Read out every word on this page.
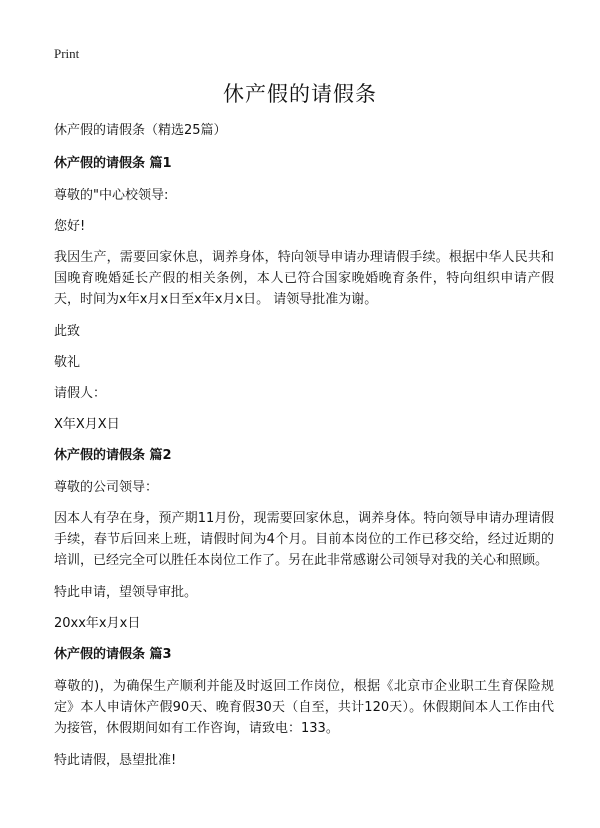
Print
休产假的请假条

休产假的请假条（精选25篇）

休产假的请假条 篇1

尊敬的"中心校领导:

您好!

我因生产，需要回家休息，调养身体，特向领导申请办理请假手续。根据中华人民共和国晚育晚婚延长产假的相关条例，本人已符合国家晚婚晚育条件，特向组织申请产假天，时间为x年x月x日至x年x月x日。 请领导批准为谢。

此致

敬礼

请假人：

X年X月X日

休产假的请假条 篇2

尊敬的公司领导：

因本人有孕在身，预产期11月份，现需要回家休息，调养身体。特向领导申请办理请假手续，春节后回来上班，请假时间为4个月。目前本岗位的工作已移交给，经过近期的培训，已经完全可以胜任本岗位工作了。另在此非常感谢公司领导对我的关心和照顾。

特此申请，望领导审批。

20xx年x月x日

休产假的请假条 篇3

尊敬的)，为确保生产顺利并能及时返回工作岗位，根据《北京市企业职工生育保险规定》本人申请休产假90天、晚育假30天（自至，共计120天）。休假期间本人工作由代为接管，休假期间如有工作咨询，请致电：133。

特此请假，恳望批准!
